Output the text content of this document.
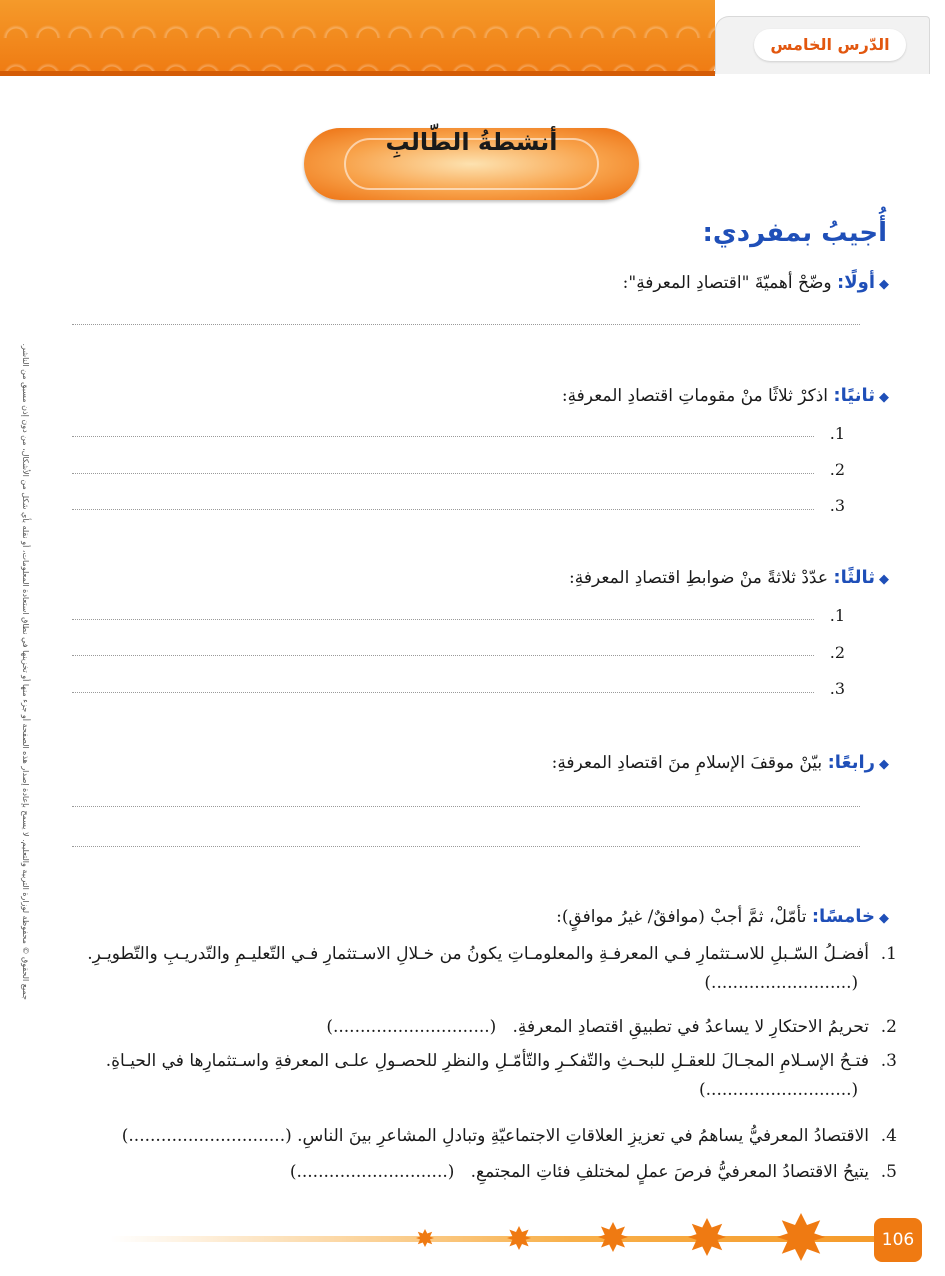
الدّرس الخامس
أنشطةُ الطّالبِ
أُجيبُ بمفردي:
جميع الحقوق © محفوظة لوزارة التربية والتعليم. لا يسمح بإعادة إصدار هذه الصفحة أو جزء منها أو تخزينها في نطاق استعادة المعلومات، أو نقله بأي شكل من الأشكال، من دون إذن مسبق من الناشر.
◆أولًا: وضّحْ أهميّةَ "اقتصادِ المعرفةِ":
◆ثانيًا: اذكرْ ثلاثًا منْ مقوماتِ اقتصادِ المعرفةِ:
1.
2.
3.
◆ثالثًا: عدّدْ ثلاثةً منْ ضوابطِ اقتصادِ المعرفةِ:
1.
2.
3.
◆رابعًا: بيّنْ موقفَ الإسلامِ منَ اقتصادِ المعرفةِ:
◆خامسًا: تأمّلْ، ثمَّ أجبْ (موافقٌ/ غيرُ موافقٍ):
1.
أفضـلُ السّـبلِ للاسـتثمارِ فـي المعرفـةِ والمعلومـاتِ يكونُ من خـلالِ الاسـتثمارِ فـي التّعليـمِ والتّدريـبِ والتّطويـرِ.   (..........................)
2.
تحريمُ الاحتكارِ لا يساعدُ في تطبيقِ اقتصادِ المعرفةِ.   (.............................)
3.
فتـحُ الإسـلامِ المجـالَ للعقـلِ للبحـثِ والتّفكـرِ والتّأمّـلِ والنظرِ للحصـولِ علـى المعرفةِ واسـتثمارِها في الحيـاةِ.   (...........................)
4.
الاقتصادُ المعرفيُّ يساهمُ في تعزيزِ العلاقاتِ الاجتماعيّةِ وتبادلِ المشاعرِ بينَ الناسِ. (.............................)
5.
يتيحُ الاقتصادُ المعرفيُّ فرصَ عملٍ لمختلفِ فئاتِ المجتمعِ.   (............................)
106
